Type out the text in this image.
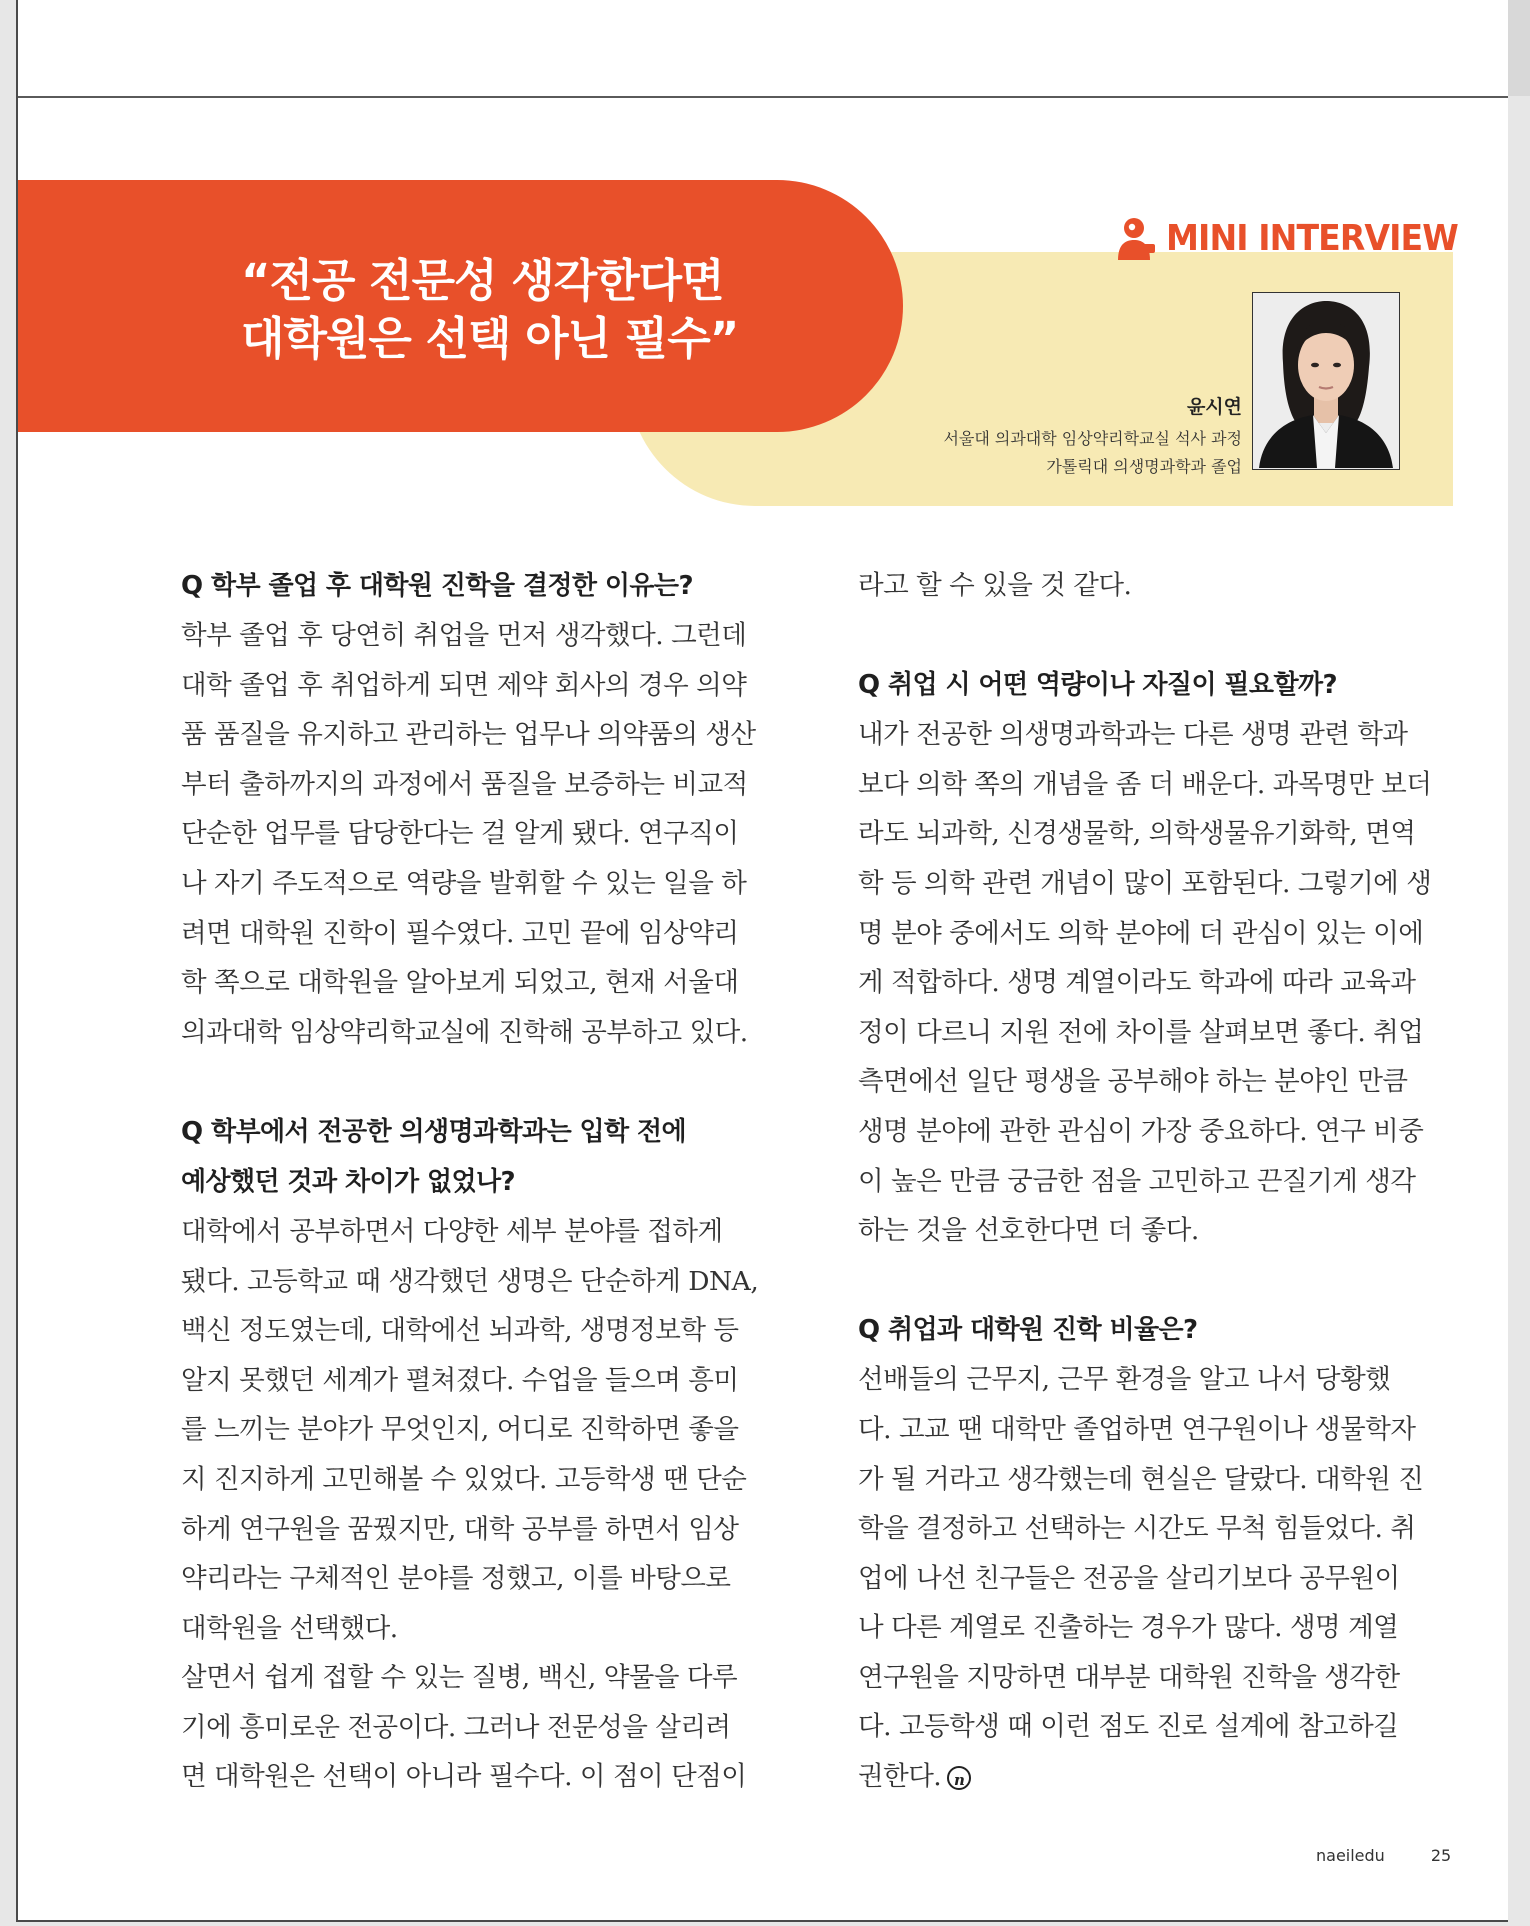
“전공 전문성 생각한다면
대학원은 선택 아닌 필수”
MINI INTERVIEW
윤시연
서울대 의과대학 임상약리학교실 석사 과정
가톨릭대 의생명과학과 졸업
Q 학부 졸업 후 대학원 진학을 결정한 이유는?
학부 졸업 후 당연히 취업을 먼저 생각했다. 그런데
대학 졸업 후 취업하게 되면 제약 회사의 경우 의약
품 품질을 유지하고 관리하는 업무나 의약품의 생산
부터 출하까지의 과정에서 품질을 보증하는 비교적
단순한 업무를 담당한다는 걸 알게 됐다. 연구직이
나 자기 주도적으로 역량을 발휘할 수 있는 일을 하
려면 대학원 진학이 필수였다. 고민 끝에 임상약리
학 쪽으로 대학원을 알아보게 되었고, 현재 서울대
의과대학 임상약리학교실에 진학해 공부하고 있다.
Q 학부에서 전공한 의생명과학과는 입학 전에
예상했던 것과 차이가 없었나?
대학에서 공부하면서 다양한 세부 분야를 접하게
됐다. 고등학교 때 생각했던 생명은 단순하게 DNA,
백신 정도였는데, 대학에선 뇌과학, 생명정보학 등
알지 못했던 세계가 펼쳐졌다. 수업을 들으며 흥미
를 느끼는 분야가 무엇인지, 어디로 진학하면 좋을
지 진지하게 고민해볼 수 있었다. 고등학생 땐 단순
하게 연구원을 꿈꿨지만, 대학 공부를 하면서 임상
약리라는 구체적인 분야를 정했고, 이를 바탕으로
대학원을 선택했다.
살면서 쉽게 접할 수 있는 질병, 백신, 약물을 다루
기에 흥미로운 전공이다. 그러나 전문성을 살리려
면 대학원은 선택이 아니라 필수다. 이 점이 단점이
라고 할 수 있을 것 같다.
Q 취업 시 어떤 역량이나 자질이 필요할까?
내가 전공한 의생명과학과는 다른 생명 관련 학과
보다 의학 쪽의 개념을 좀 더 배운다. 과목명만 보더
라도 뇌과학, 신경생물학, 의학생물유기화학, 면역
학 등 의학 관련 개념이 많이 포함된다. 그렇기에 생
명 분야 중에서도 의학 분야에 더 관심이 있는 이에
게 적합하다. 생명 계열이라도 학과에 따라 교육과
정이 다르니 지원 전에 차이를 살펴보면 좋다. 취업
측면에선 일단 평생을 공부해야 하는 분야인 만큼
생명 분야에 관한 관심이 가장 중요하다. 연구 비중
이 높은 만큼 궁금한 점을 고민하고 끈질기게 생각
하는 것을 선호한다면 더 좋다.
Q 취업과 대학원 진학 비율은?
선배들의 근무지, 근무 환경을 알고 나서 당황했
다. 고교 땐 대학만 졸업하면 연구원이나 생물학자
가 될 거라고 생각했는데 현실은 달랐다. 대학원 진
학을 결정하고 선택하는 시간도 무척 힘들었다. 취
업에 나선 친구들은 전공을 살리기보다 공무원이
나 다른 계열로 진출하는 경우가 많다. 생명 계열
연구원을 지망하면 대부분 대학원 진학을 생각한
다. 고등학생 때 이런 점도 진로 설계에 참고하길
권한다. n
naeiledu	25
